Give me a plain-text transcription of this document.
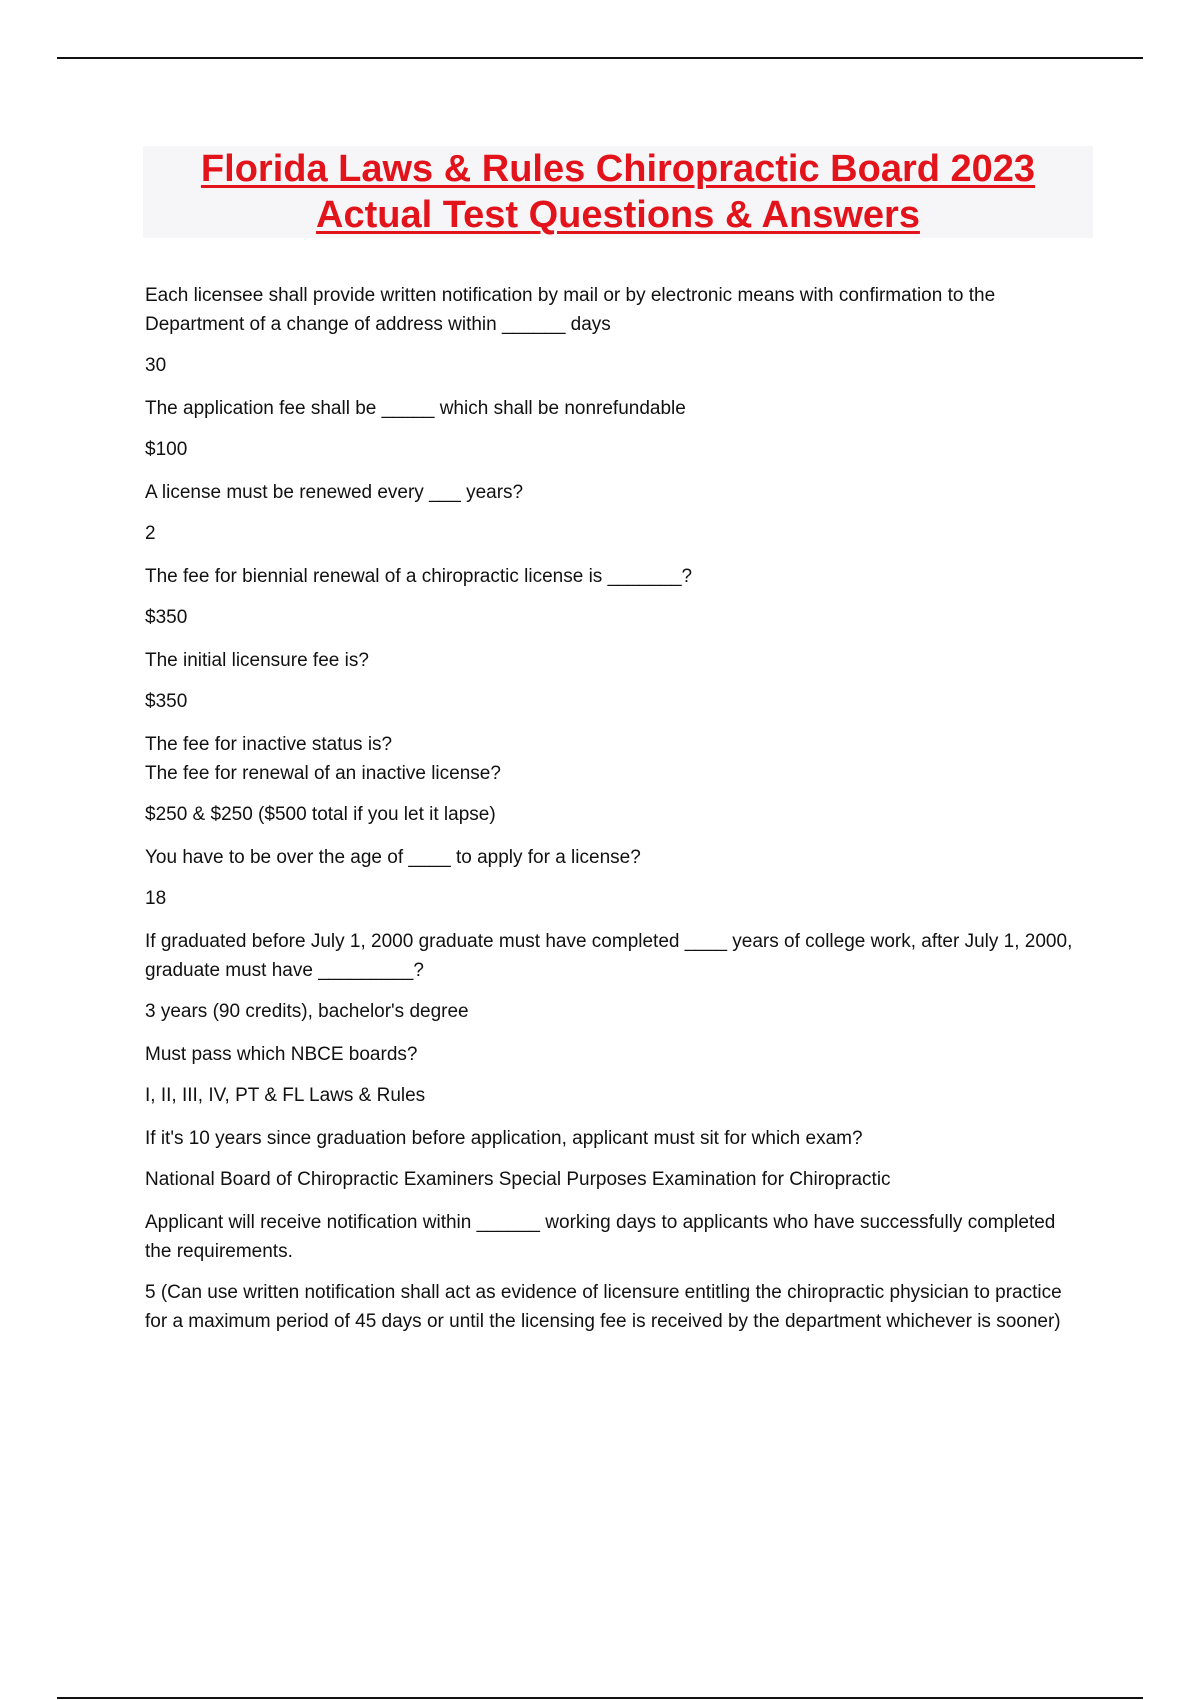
Florida Laws & Rules Chiropractic Board 2023
Actual Test Questions & Answers

Each licensee shall provide written notification by mail or by electronic means with confirmation to the Department of a change of address within ______ days

30

The application fee shall be _____ which shall be nonrefundable

$100

A license must be renewed every ___ years?

2

The fee for biennial renewal of a chiropractic license is _______?

$350

The initial licensure fee is?

$350

The fee for inactive status is?
The fee for renewal of an inactive license?

$250 & $250 ($500 total if you let it lapse)

You have to be over the age of ____ to apply for a license?

18

If graduated before July 1, 2000 graduate must have completed ____ years of college work, after July 1, 2000, graduate must have _________?

3 years (90 credits), bachelor's degree

Must pass which NBCE boards?

I, II, III, IV, PT & FL Laws & Rules

If it's 10 years since graduation before application, applicant must sit for which exam?

National Board of Chiropractic Examiners Special Purposes Examination for Chiropractic

Applicant will receive notification within ______ working days to applicants who have successfully completed the requirements.

5 (Can use written notification shall act as evidence of licensure entitling the chiropractic physician to practice for a maximum period of 45 days or until the licensing fee is received by the department whichever is sooner)
